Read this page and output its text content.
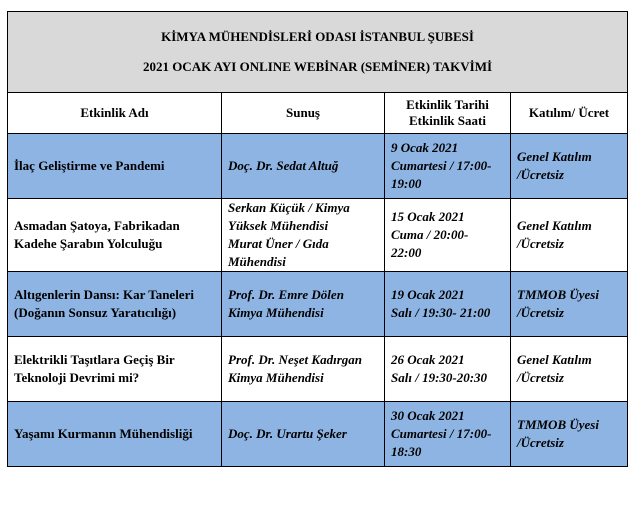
KİMYA MÜHENDİSLERİ ODASI İSTANBUL ŞUBESİ
2021 OCAK AYI ONLINE WEBİNAR (SEMİNER) TAKVİMİ			

Etkinlik Adı	Sunuş	Etkinlik Tarihi
Etkinlik Saati	Katılım/ Ücret

İlaç Geliştirme ve Pandemi	Doç. Dr. Sedat Altuğ	9 Ocak 2021
Cumartesi / 17:00-
19:00	Genel Katılım
/Ücretsiz

Asmadan Şatoya, Fabrikadan
Kadehe Şarabın Yolculuğu	Serkan Küçük / Kimya
Yüksek Mühendisi
Murat Üner / Gıda
Mühendisi	15 Ocak 2021
Cuma / 20:00-
22:00	Genel Katılım
/Ücretsiz

Altıgenlerin Dansı: Kar Taneleri
(Doğanın Sonsuz Yaratıcılığı)	Prof. Dr. Emre Dölen
Kimya Mühendisi	19 Ocak 2021
Salı / 19:30- 21:00	TMMOB Üyesi
/Ücretsiz

Elektrikli Taşıtlara Geçiş Bir
Teknoloji Devrimi mi?	Prof. Dr. Neşet Kadırgan
Kimya Mühendisi	26 Ocak 2021
Salı / 19:30-20:30	Genel Katılım
/Ücretsiz

Yaşamı Kurmanın Mühendisliği	Doç. Dr. Urartu Şeker	30 Ocak 2021
Cumartesi / 17:00-
18:30	TMMOB Üyesi
/Ücretsiz
